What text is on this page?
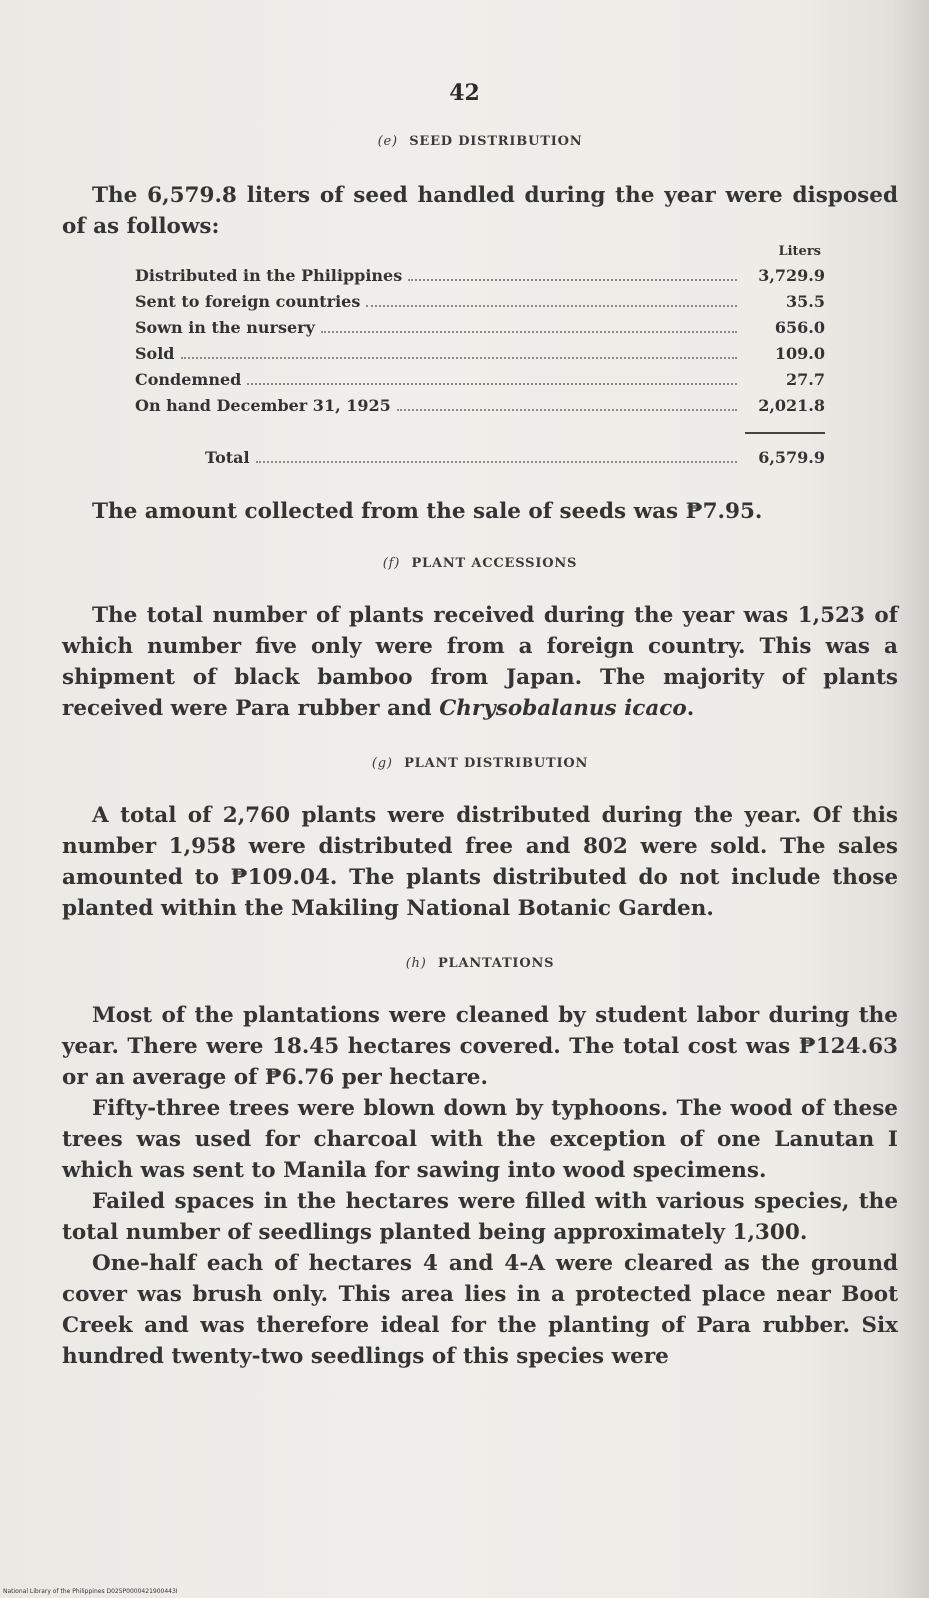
42
(e) SEED DISTRIBUTION

The 6,579.8 liters of seed handled during the year were disposed of as follows:

Liters
Distributed in the Philippines	3,729.9
Sent to foreign countries	35.5
Sown in the nursery	656.0
Sold	109.0
Condemned	27.7
On hand December 31, 1925	2,021.8
Total	6,579.9

The amount collected from the sale of seeds was ₱7.95.

(f) PLANT ACCESSIONS

The total number of plants received during the year was 1,523 of which number five only were from a foreign country. This was a shipment of black bamboo from Japan. The majority of plants received were Para rubber and Chrysobalanus icaco.

(g) PLANT DISTRIBUTION

A total of 2,760 plants were distributed during the year. Of this number 1,958 were distributed free and 802 were sold. The sales amounted to ₱109.04. The plants distributed do not include those planted within the Makiling National Botanic Garden.

(h) PLANTATIONS

Most of the plantations were cleaned by student labor during the year. There were 18.45 hectares covered. The total cost was ₱124.63 or an average of ₱6.76 per hectare.

Fifty-three trees were blown down by typhoons. The wood of these trees was used for charcoal with the exception of one Lanutan I which was sent to Manila for sawing into wood specimens.

Failed spaces in the hectares were filled with various species, the total number of seedlings planted being approximately 1,300.

One-half each of hectares 4 and 4-A were cleared as the ground cover was brush only. This area lies in a protected place near Boot Creek and was therefore ideal for the planting of Para rubber. Six hundred twenty-two seedlings of this species were

National Library of the Philippines D025P0000421900443I
